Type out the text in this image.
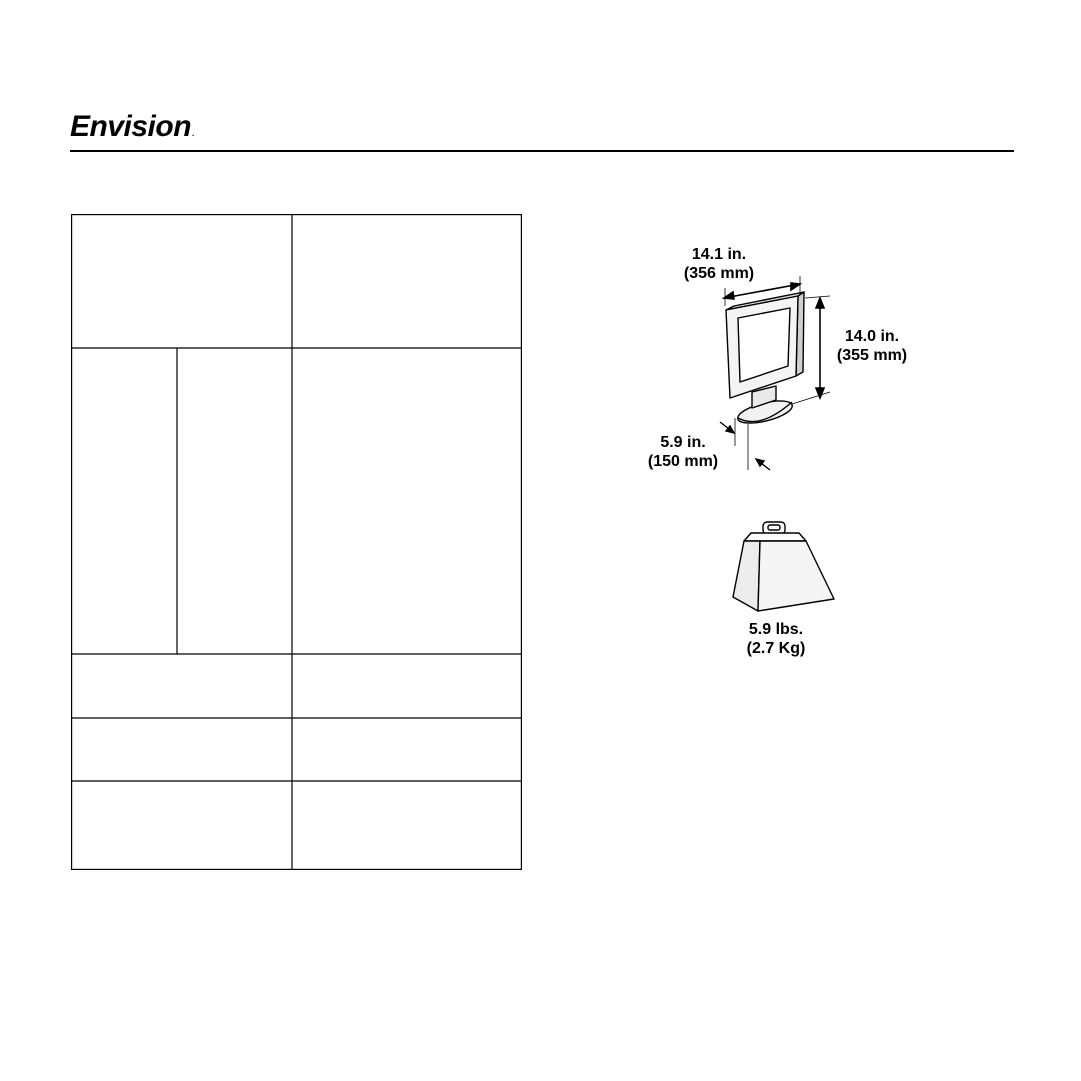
Envision.
14.1 in.
(356 mm)
14.0 in.
(355 mm)
5.9 in.
(150 mm)
5.9 lbs.
(2.7 Kg)
